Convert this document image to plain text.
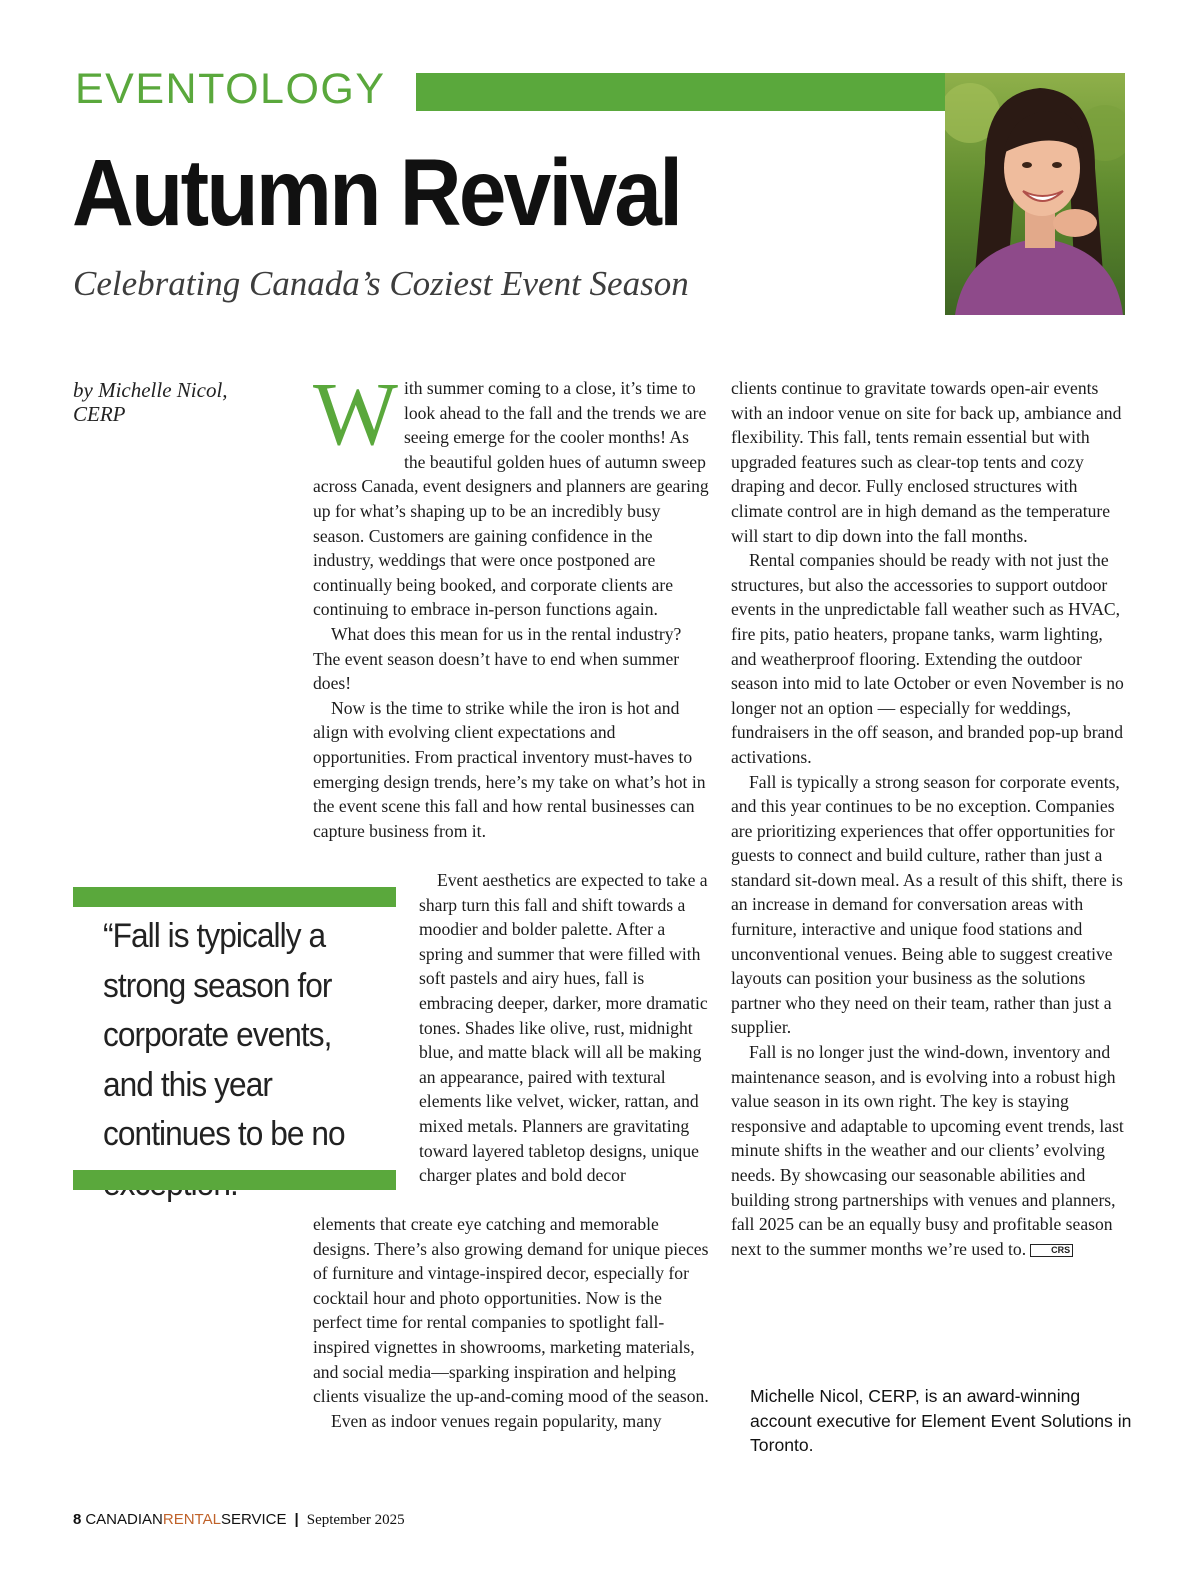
EVENTOLOGY
Autumn Revival
Celebrating Canada’s Coziest Event Season
by Michelle Nicol, CERP	With summer coming to a close, it’s time to look ahead to the fall and the trends we are seeing emerge for the cooler months! As the beautiful golden hues of autumn sweep across Canada, event designers and planners are gearing up for what’s shaping up to be an incredibly busy season. Customers are gaining confidence in the industry, weddings that were once postponed are continually being booked, and corporate clients are continuing to embrace in-person functions again.

What does this mean for us in the rental industry? The event season doesn’t have to end when summer does!

Now is the time to strike while the iron is hot and align with evolving client expectations and opportunities. From practical inventory must-haves to emerging design trends, here’s my take on what’s hot in the event scene this fall and how rental businesses can capture business from it.

Event aesthetics are expected to take a sharp turn this fall and shift towards a moodier and bolder palette. After a spring and summer that were filled with soft pastels and airy hues, fall is embracing deeper, darker, more dramatic tones. Shades like olive, rust, midnight blue, and matte black will all be making an appearance, paired with textural elements like velvet, wicker, rattan, and mixed metals. Planners are gravitating toward layered tabletop designs, unique charger plates and bold decor

elements that create eye catching and memorable designs. There’s also growing demand for unique pieces of furniture and vintage-inspired decor, especially for cocktail hour and photo opportunities. Now is the perfect time for rental companies to spotlight fall-inspired vignettes in showrooms, marketing materials, and social media—sparking inspiration and helping clients visualize the up-and-coming mood of the season.

Even as indoor venues regain popularity, many

clients continue to gravitate towards open-air events with an indoor venue on site for back up, ambiance and flexibility. This fall, tents remain essential but with upgraded features such as clear-top tents and cozy draping and decor. Fully enclosed structures with climate control are in high demand as the temperature will start to dip down into the fall months.

Rental companies should be ready with not just the structures, but also the accessories to support outdoor events in the unpredictable fall weather such as HVAC, fire pits, patio heaters, propane tanks, warm lighting, and weatherproof flooring. Extending the outdoor season into mid to late October or even November is no longer not an option — especially for weddings, fundraisers in the off season, and branded pop-up brand activations.

Fall is typically a strong season for corporate events, and this year continues to be no exception. Companies are prioritizing experiences that offer opportunities for guests to connect and build culture, rather than just a standard sit-down meal. As a result of this shift, there is an increase in demand for conversation areas with furniture, interactive and unique food stations and unconventional venues. Being able to suggest creative layouts can position your business as the solutions partner who they need on their team, rather than just a supplier.

Fall is no longer just the wind-down, inventory and maintenance season, and is evolving into a robust high value season in its own right. The key is staying responsive and adaptable to upcoming event trends, last minute shifts in the weather and our clients’ evolving needs. By showcasing our seasonable abilities and building strong partnerships with venues and planners, fall 2025 can be an equally busy and profitable season next to the summer months we’re used to.	CRS

“Fall is typically a strong season for corporate events, and this year continues to be no
Michelle Nicol, CERP, is an award-winning account executive for Element Event Solutions in Toronto.
8 CANADIANRENTALSERVICE | September 2025
